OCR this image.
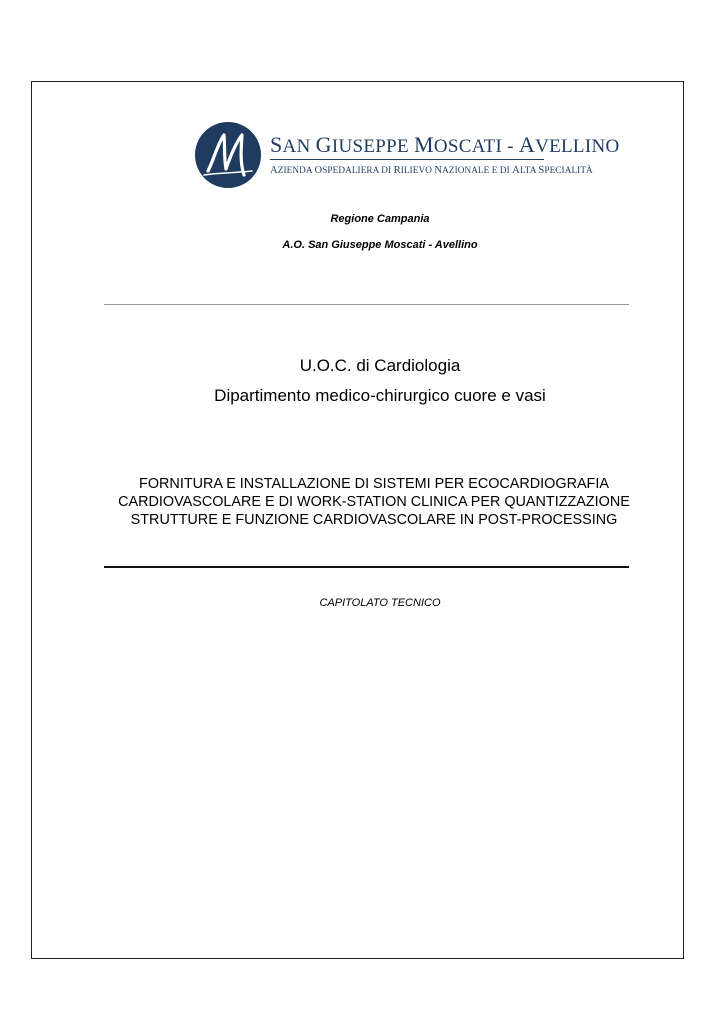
SAN GIUSEPPE MOSCATI - AVELLINO
AZIENDA OSPEDALIERA DI RILIEVO NAZIONALE E DI ALTA SPECIALITÀ
Regione Campania
A.O. San Giuseppe Moscati - Avellino
U.O.C. di Cardiologia
Dipartimento medico-chirurgico cuore e vasi
FORNITURA E INSTALLAZIONE DI SISTEMI PER ECOCARDIOGRAFIA
CARDIOVASCOLARE E DI WORK-STATION CLINICA PER QUANTIZZAZIONE
STRUTTURE E FUNZIONE CARDIOVASCOLARE IN POST-PROCESSING
CAPITOLATO TECNICO
